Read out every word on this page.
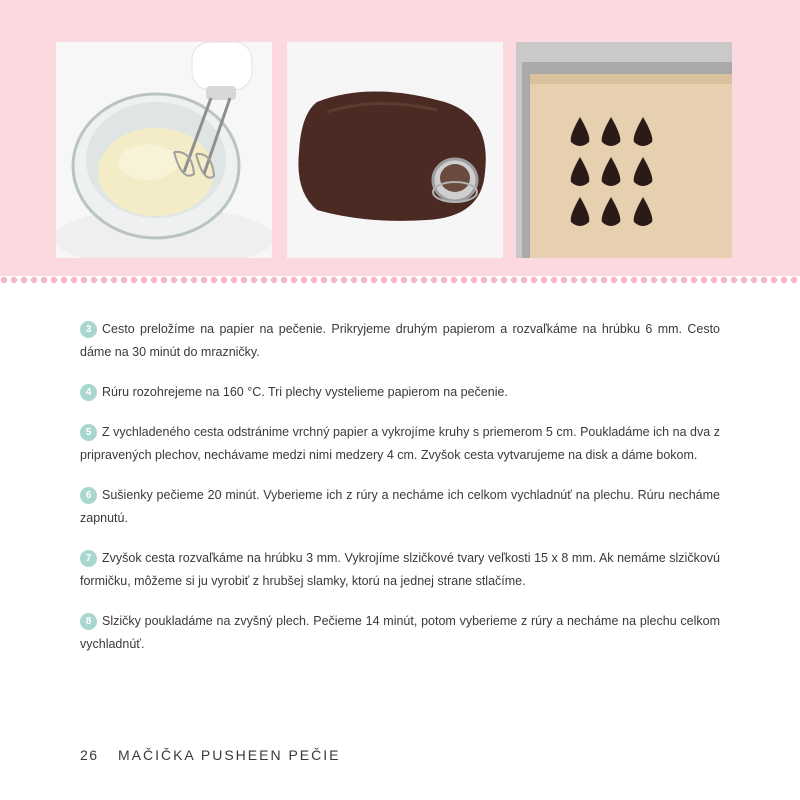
3 Cesto preložíme na papier na pečenie. Prikryjeme druhým papierom a rozvaľkáme na hrúbku 6 mm. Cesto dáme na 30 minút do mrazničky.

4 Rúru rozohrejeme na 160 °C. Tri plechy vystelieme papierom na pečenie.

5 Z vychladeného cesta odstránime vrchný papier a vykrojíme kruhy s priemerom 5 cm. Poukladáme ich na dva z pripravených plechov, nechávame medzi nimi medzery 4 cm. Zvyšok cesta vytvarujeme na disk a dáme bokom.

6 Sušienky pečieme 20 minút. Vyberieme ich z rúry a necháme ich celkom vychladnúť na plechu. Rúru necháme zapnutú.

7 Zvyšok cesta rozvaľkáme na hrúbku 3 mm. Vykrojíme slzičkové tvary veľkosti 15 x 8 mm. Ak nemáme slzičkovú formičku, môžeme si ju vyrobiť z hrubšej slamky, ktorú na jednej strane stlačíme.

8 Slzičky poukladáme na zvyšný plech. Pečieme 14 minút, potom vyberieme z rúry a necháme na plechu celkom vychladnúť.

26 MAČIČKA PUSHEEN PEČIE
